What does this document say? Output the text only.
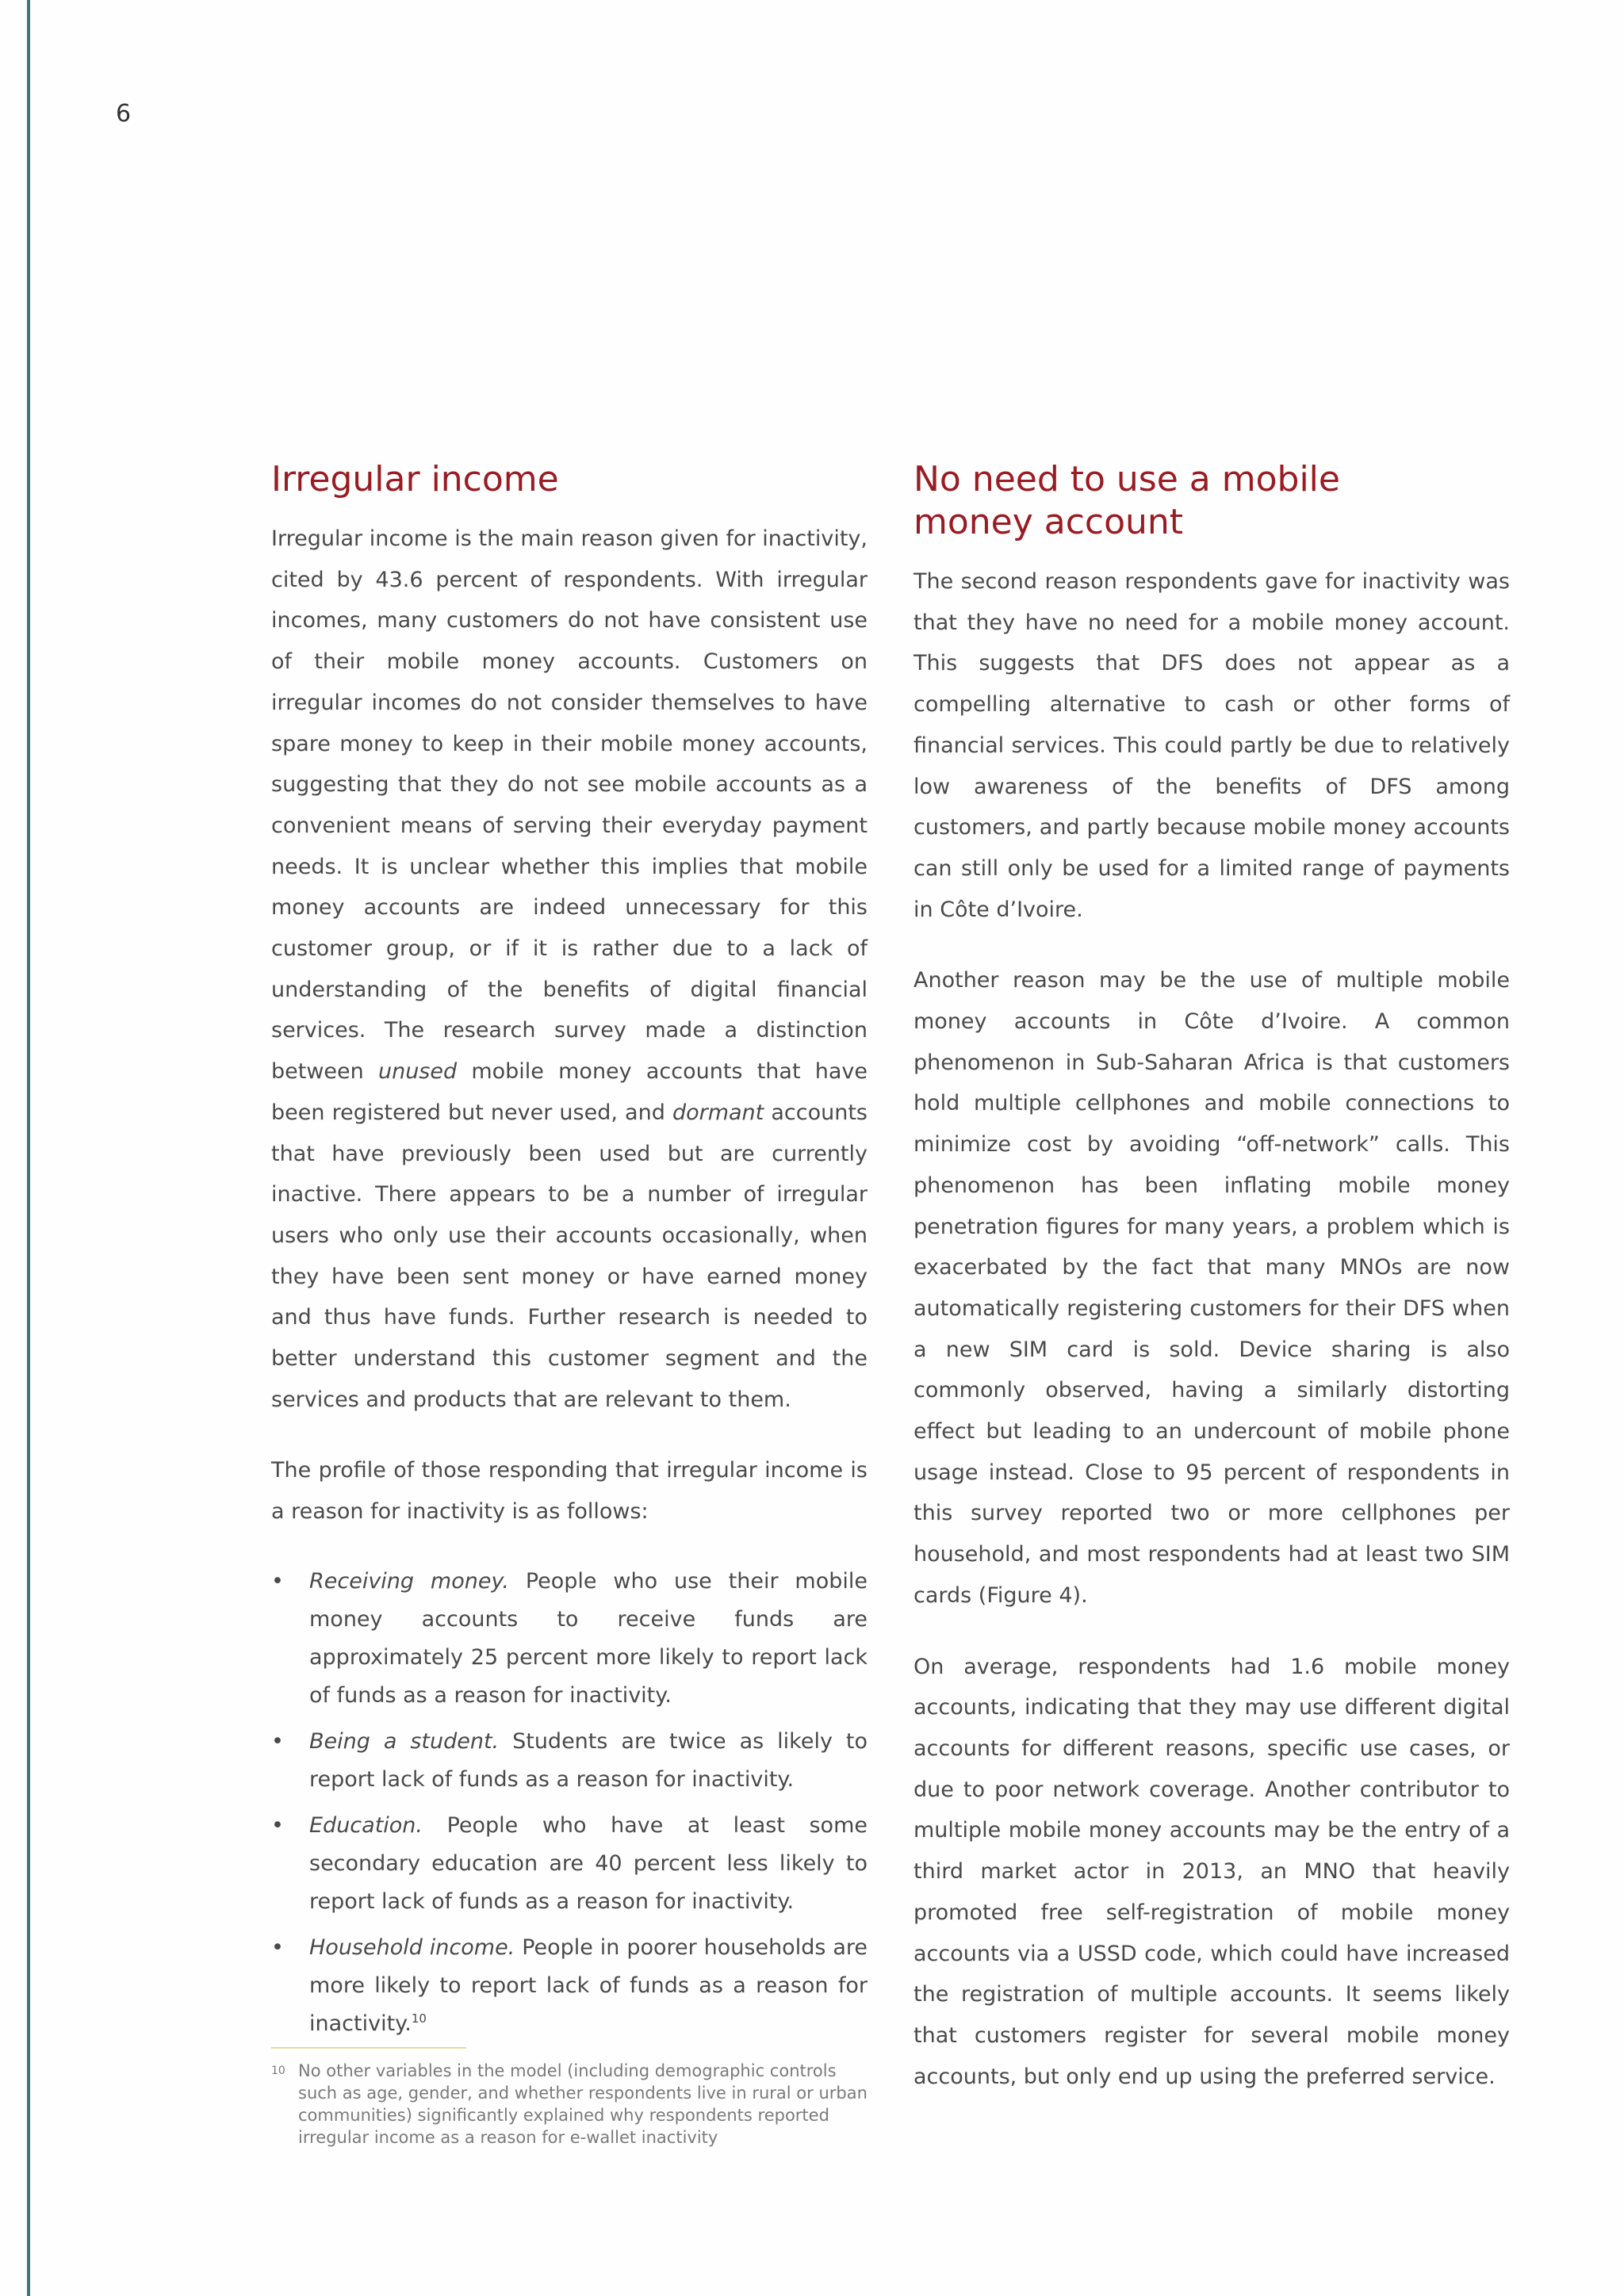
6
Irregular income

Irregular income is the main reason given for inactivity, cited by 43.6 percent of respondents. With irregular incomes, many customers do not have consistent use of their mobile money accounts. Customers on irregular incomes do not consider themselves to have spare money to keep in their mobile money accounts, suggesting that they do not see mobile accounts as a convenient means of serving their everyday payment needs. It is unclear whether this implies that mobile money accounts are indeed unnecessary for this customer group, or if it is rather due to a lack of understanding of the benefits of digital financial services. The research survey made a distinction between unused mobile money accounts that have been registered but never used, and dormant accounts that have previously been used but are currently inactive. There appears to be a number of irregular users who only use their accounts occasionally, when they have been sent money or have earned money and thus have funds. Further research is needed to better understand this customer segment and the services and products that are relevant to them.

The profile of those responding that irregular income is a reason for inactivity is as follows:

• Receiving money. People who use their mobile money accounts to receive funds are approximately 25 percent more likely to report lack of funds as a reason for inactivity.
• Being a student. Students are twice as likely to report lack of funds as a reason for inactivity.
• Education. People who have at least some secondary education are 40 percent less likely to report lack of funds as a reason for inactivity.
• Household income. People in poorer households are more likely to report lack of funds as a reason for inactivity.$^{10}$
No need to use a mobile
money account

The second reason respondents gave for inactivity was that they have no need for a mobile money account. This suggests that DFS does not appear as a compelling alternative to cash or other forms of financial services. This could partly be due to relatively low awareness of the benefits of DFS among customers, and partly because mobile money accounts can still only be used for a limited range of payments in Côte d’Ivoire.

Another reason may be the use of multiple mobile money accounts in Côte d’Ivoire. A common phenomenon in Sub-Saharan Africa is that customers hold multiple cellphones and mobile connections to minimize cost by avoiding “off-network” calls. This phenomenon has been inflating mobile money penetration figures for many years, a problem which is exacerbated by the fact that many MNOs are now automatically registering customers for their DFS when a new SIM card is sold. Device sharing is also commonly observed, having a similarly distorting effect but leading to an undercount of mobile phone usage instead. Close to 95 percent of respondents in this survey reported two or more cellphones per household, and most respondents had at least two SIM cards (Figure 4).

On average, respondents had 1.6 mobile money accounts, indicating that they may use different digital accounts for different reasons, specific use cases, or due to poor network coverage. Another contributor to multiple mobile money accounts may be the entry of a third market actor in 2013, an MNO that heavily promoted free self-registration of mobile money accounts via a USSD code, which could have increased the registration of multiple accounts. It seems likely that customers register for several mobile money accounts, but only end up using the preferred service.

10 No other variables in the model (including demographic controls such as age, gender, and whether respondents live in rural or urban communities) significantly explained why respondents reported irregular income as a reason for e-wallet inactivity
